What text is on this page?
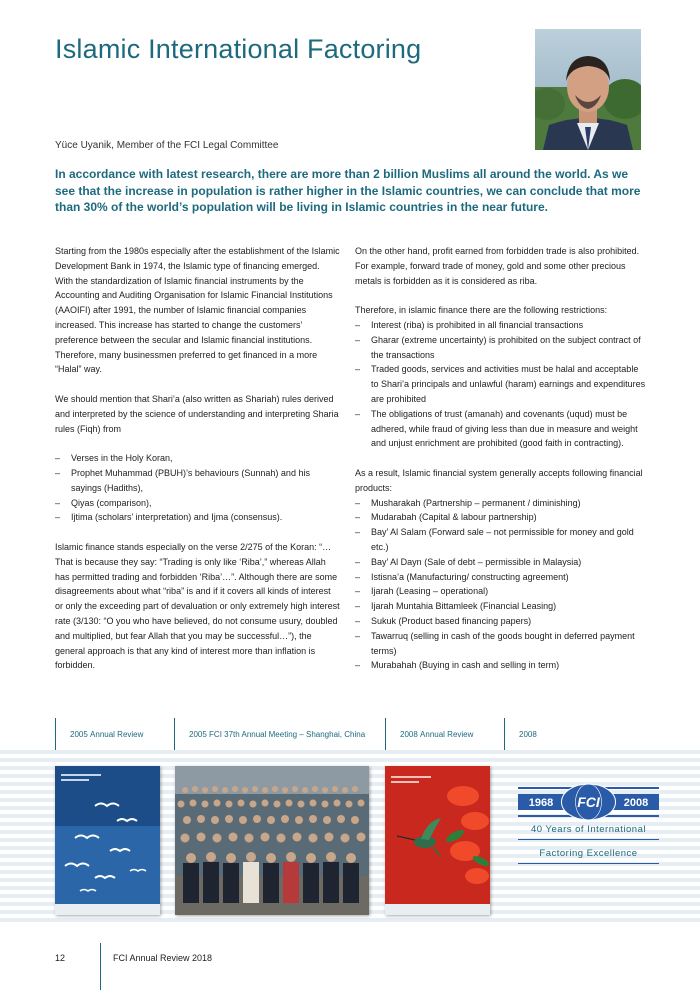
Islamic International Factoring
Yüce Uyanik, Member of the FCI Legal Committee
In accordance with latest research, there are more than 2 billion Muslims all around the world. As we see that the increase in population is rather higher in the Islamic countries, we can conclude that more than 30% of the world’s population will be living in Islamic countries in the near future.

Starting from the 1980s especially after the establishment of the Islamic Development Bank in 1974, the Islamic type of financing emerged. With the standardization of Islamic financial instruments by the Accounting and Auditing Organisation for Islamic Financial Institutions (AAOIFI) after 1991, the number of Islamic financial companies increased. This increase has started to change the customers’ preference between the secular and Islamic financial institutions. Therefore, many businessmen preferred to get financed in a more “Halal” way.

We should mention that Shari’a (also written as Shariah) rules derived and interpreted by the science of understanding and interpreting Sharia rules (Fiqh) from

– Verses in the Holy Koran,
– Prophet Muhammad (PBUH)’s behaviours (Sunnah) and his sayings (Hadiths),
– Qiyas (comparison),
– Ijtima (scholars’ interpretation) and Ijma (consensus).

Islamic finance stands especially on the verse 2/275 of the Koran: “…That is because they say: “Trading is only like ‘Riba’,” whereas Allah has permitted trading and forbidden ‘Riba’…”. Although there are some disagreements about what “riba” is and if it covers all kinds of interest or only the exceeding part of devaluation or only extremely high interest rate (3/130: “O you who have believed, do not consume usury, doubled and multiplied, but fear Allah that you may be successful…”), the general approach is that any kind of interest more than inflation is forbidden.

On the other hand, profit earned from forbidden trade is also prohibited. For example, forward trade of money, gold and some other precious metals is forbidden as it is considered as riba.

Therefore, in islamic finance there are the following restrictions:

– Interest (riba) is prohibited in all financial transactions
– Gharar (extreme uncertainty) is prohibited on the subject contract of the transactions
– Traded goods, services and activities must be halal and acceptable to Shari’a principals and unlawful (haram) earnings and expenditures are prohibited
– The obligations of trust (amanah) and covenants (uqud) must be adhered, while fraud of giving less than due in measure and weight and unjust enrichment are prohibited (good faith in contracting).

As a result, Islamic financial system generally accepts following financial products:

– Musharakah (Partnership – permanent / diminishing)
– Mudarabah (Capital & labour partnership)
– Bay’ Al Salam (Forward sale – not permissible for money and gold etc.)
– Bay’ Al Dayn (Sale of debt – permissible in Malaysia)
– Istisna’a (Manufacturing/ constructing agreement)
– Ijarah (Leasing – operational)
– Ijarah Muntahia Bittamleek (Financial Leasing)
– Sukuk (Product based financing papers)
– Tawarruq (selling in cash of the goods bought in deferred payment terms)
– Murabahah (Buying in cash and selling in term)
2005
Annual Review	2005
FCI 37th Annual Meeting – Shanghai, China	2008
Annual Review	2008
1968 FCI 2008
40 Years of International
Factoring Excellence
12	FCI Annual Review 2018
